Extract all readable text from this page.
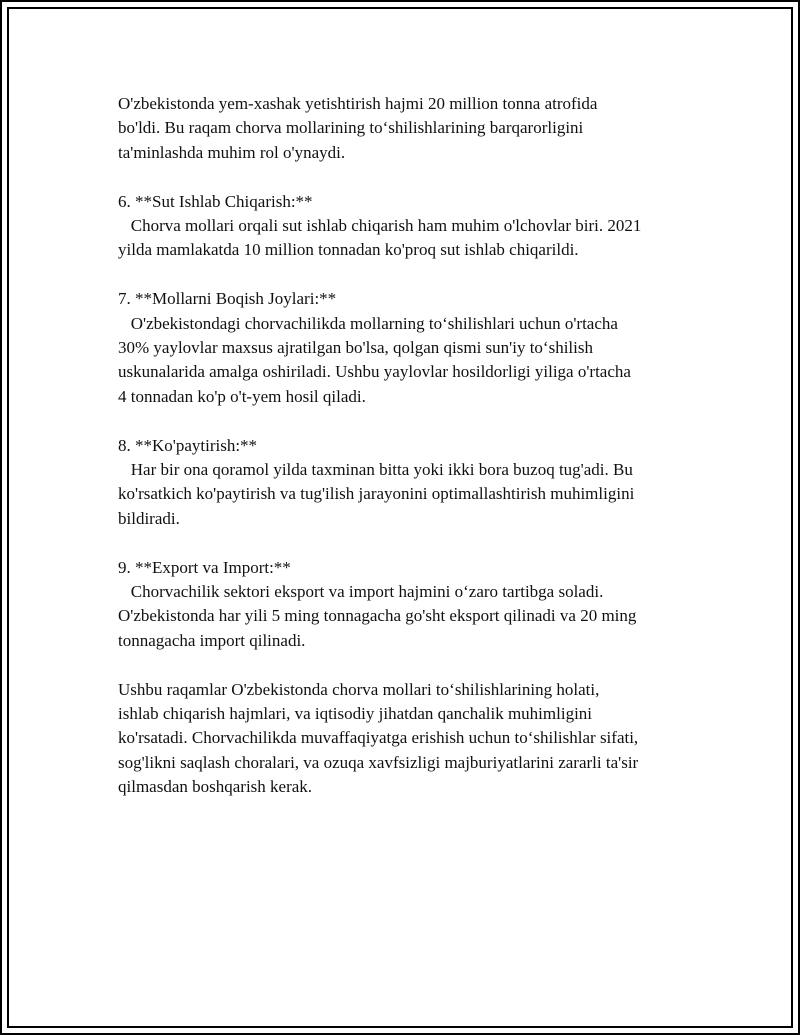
O'zbekistonda yem-xashak yetishtirish hajmi 20 million tonna atrofida

bo'ldi. Bu raqam chorva mollarining to‘shilishlarining barqarorligini

ta'minlashda muhim rol o'ynaydi.

6. **Sut Ishlab Chiqarish:**

Chorva mollari orqali sut ishlab chiqarish ham muhim o'lchovlar biri. 2021

yilda mamlakatda 10 million tonnadan ko'proq sut ishlab chiqarildi.

7. **Mollarni Boqish Joylari:**

O'zbekistondagi chorvachilikda mollarning to‘shilishlari uchun o'rtacha

30% yaylovlar maxsus ajratilgan bo'lsa, qolgan qismi sun'iy to‘shilish

uskunalarida amalga oshiriladi. Ushbu yaylovlar hosildorligi yiliga o'rtacha

4 tonnadan ko'p o't-yem hosil qiladi.

8. **Ko'paytirish:**

Har bir ona qoramol yilda taxminan bitta yoki ikki bora buzoq tug'adi. Bu

ko'rsatkich ko'paytirish va tug'ilish jarayonini optimallashtirish muhimligini

bildiradi.

9. **Export va Import:**

Chorvachilik sektori eksport va import hajmini o‘zaro tartibga soladi.

O'zbekistonda har yili 5 ming tonnagacha go'sht eksport qilinadi va 20 ming

tonnagacha import qilinadi.

Ushbu raqamlar O'zbekistonda chorva mollari to‘shilishlarining holati,

ishlab chiqarish hajmlari, va iqtisodiy jihatdan qanchalik muhimligini

ko'rsatadi. Chorvachilikda muvaffaqiyatga erishish uchun to‘shilishlar sifati,

sog'likni saqlash choralari, va ozuqa xavfsizligi majburiyatlarini zararli ta'sir

qilmasdan boshqarish kerak.
